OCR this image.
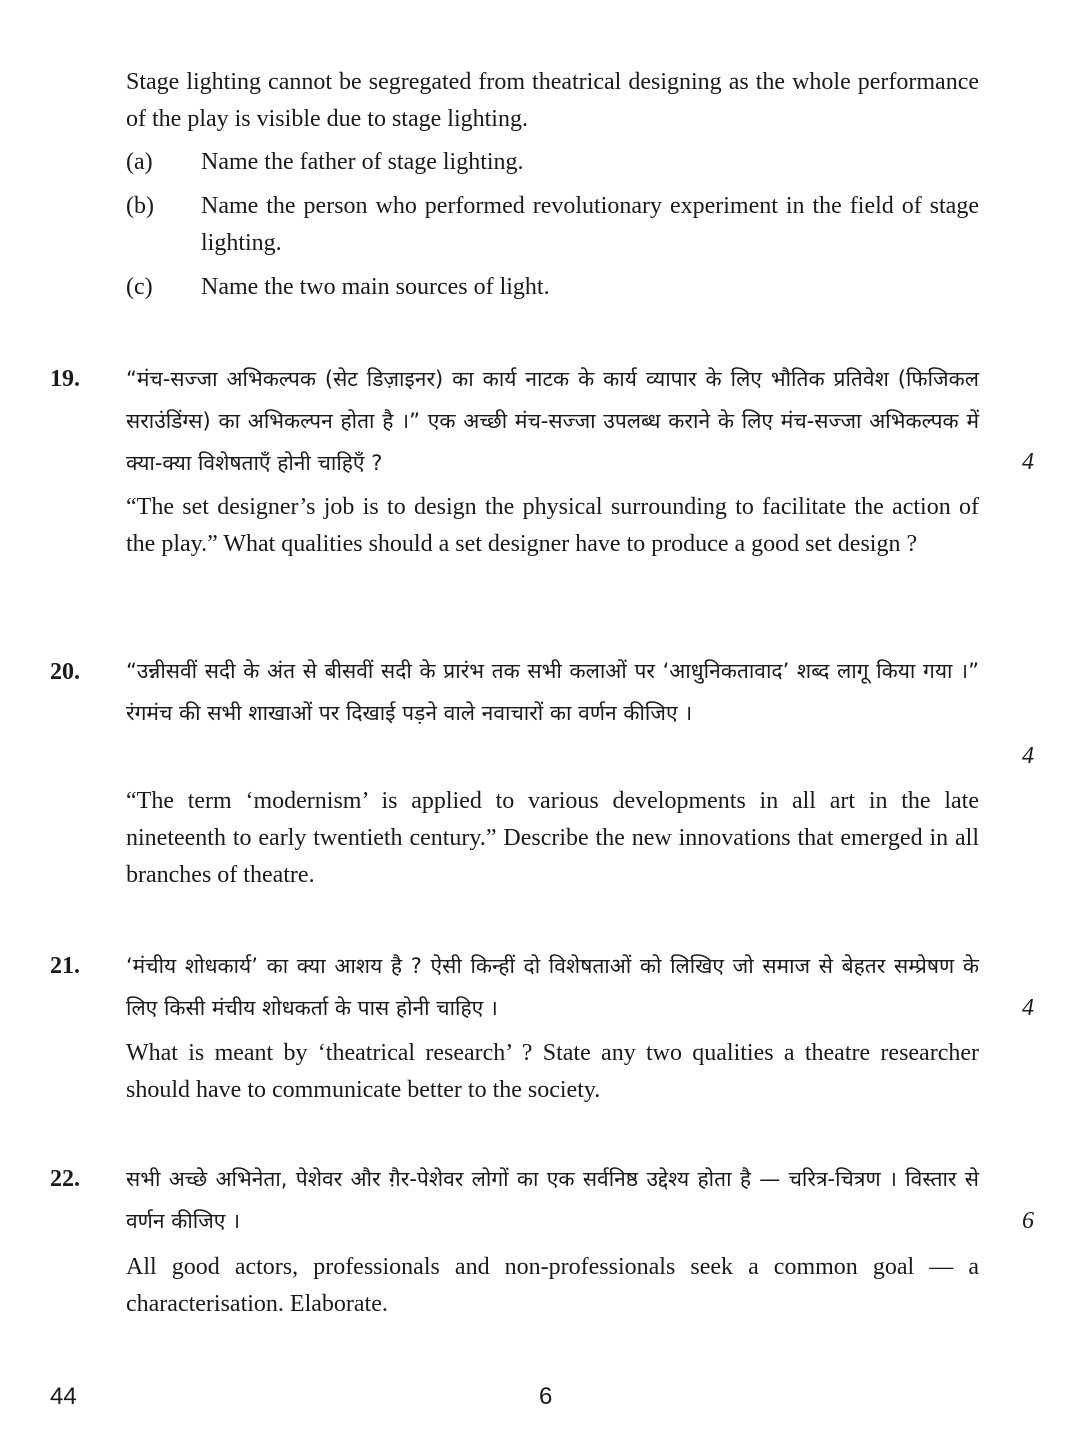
Stage lighting cannot be segregated from theatrical designing as the whole performance of the play is visible due to stage lighting.

(a) Name the father of stage lighting.
(b) Name the person who performed revolutionary experiment in the field of stage lighting.
(c) Name the two main sources of light.
19. “मंच-सज्जा अभिकल्पक (सेट डिज़ाइनर) का कार्य नाटक के कार्य व्यापार के लिए भौतिक प्रतिवेश (फिजिकल सराउंडिंग्स) का अभिकल्पन होता है ।” एक अच्छी मंच-सज्जा उपलब्ध कराने के लिए मंच-सज्जा अभिकल्पक में क्या-क्या विशेषताएँ होनी चाहिएँ ?	4

“The set designer’s job is to design the physical surrounding to facilitate the action of the play.” What qualities should a set designer have to produce a good set design ?

20. “उन्नीसवीं सदी के अंत से बीसवीं सदी के प्रारंभ तक सभी कलाओं पर ‘आधुनिकतावाद’ शब्द लागू किया गया ।” रंगमंच की सभी शाखाओं पर दिखाई पड़ने वाले नवाचारों का वर्णन कीजिए ।

4

“The term ‘modernism’ is applied to various developments in all art in the late nineteenth to early twentieth century.” Describe the new innovations that emerged in all branches of theatre.

21. ‘मंचीय शोधकार्य’ का क्या आशय है ? ऐसी किन्हीं दो विशेषताओं को लिखिए जो समाज से बेहतर सम्प्रेषण के लिए किसी मंचीय शोधकर्ता के पास होनी चाहिए ।	4

What is meant by ‘theatrical research’ ? State any two qualities a theatre researcher should have to communicate better to the society.

22. सभी अच्छे अभिनेता, पेशेवर और ग़ैर-पेशेवर लोगों का एक सर्वनिष्ठ उद्देश्य होता है — चरित्र-चित्रण । विस्तार से वर्णन कीजिए ।	6

All good actors, professionals and non-professionals seek a common goal — a characterisation. Elaborate.

44	6
